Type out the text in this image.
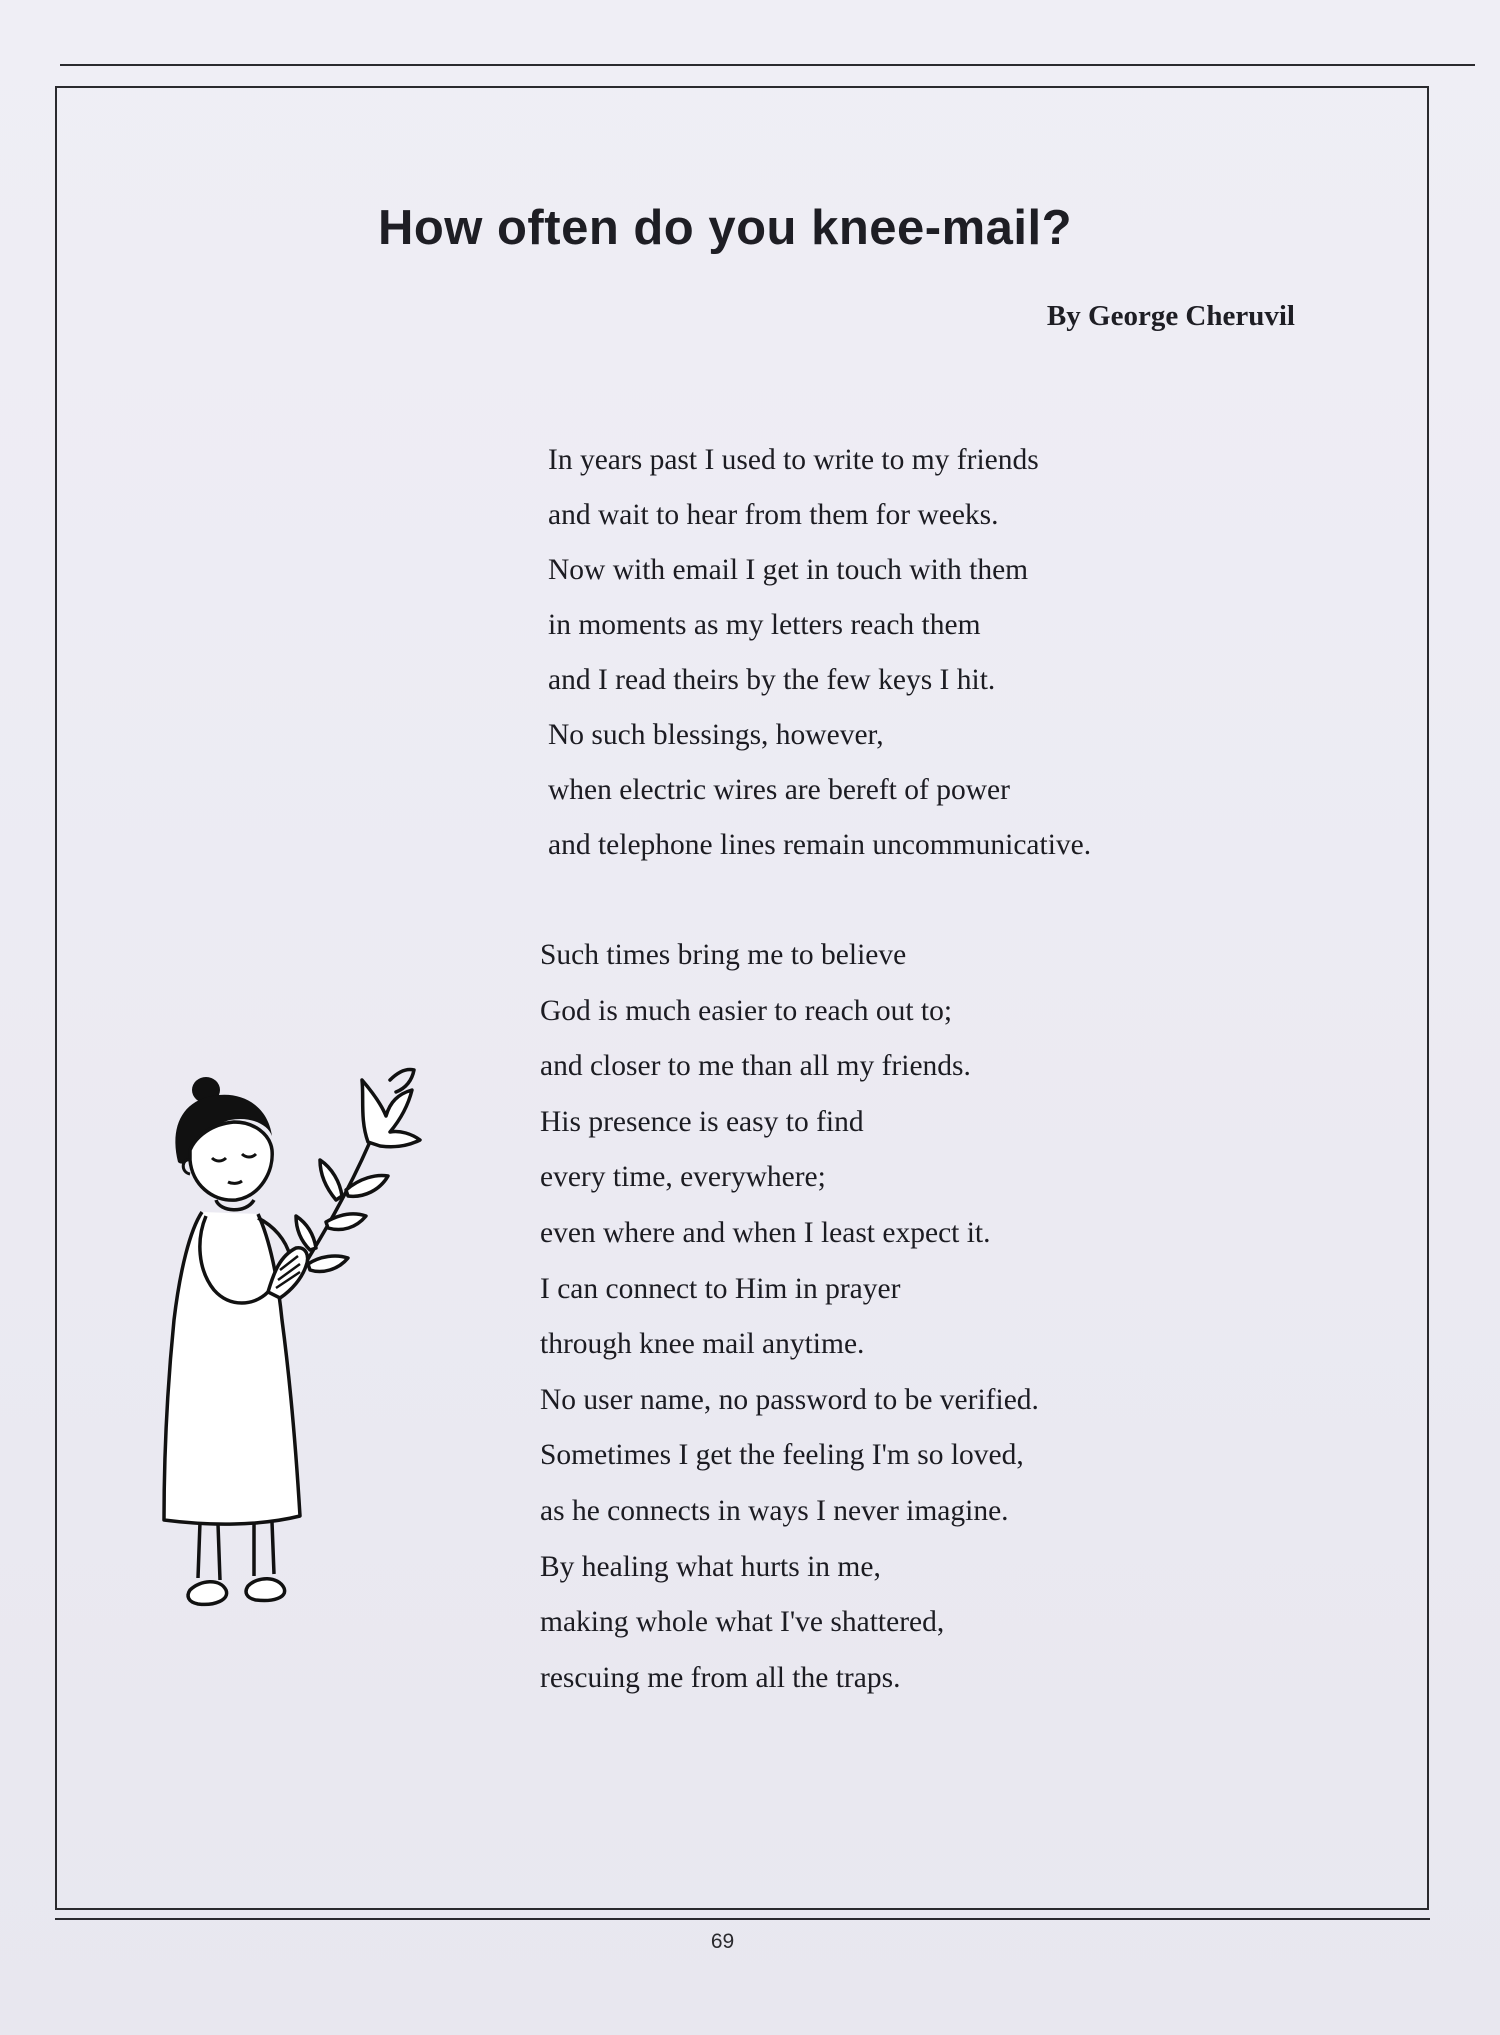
How often do you knee-mail?
By George Cheruvil
In years past I used to write to my friends
and wait to hear from them for weeks.
Now with email I get in touch with them
in moments as my letters reach them
and I read theirs by the few keys I hit.
No such blessings, however,
when electric wires are bereft of power
and telephone lines remain uncommunicative.
Such times bring me to believe
God is much easier to reach out to;
and closer to me than all my friends.
His presence is easy to find
every time, everywhere;
even where and when I least expect it.
I can connect to Him in prayer
through knee mail anytime.
No user name, no password to be verified.
Sometimes I get the feeling I'm so loved,
as he connects in ways I never imagine.
By healing what hurts in me,
making whole what I've shattered,
rescuing me from all the traps.
69
